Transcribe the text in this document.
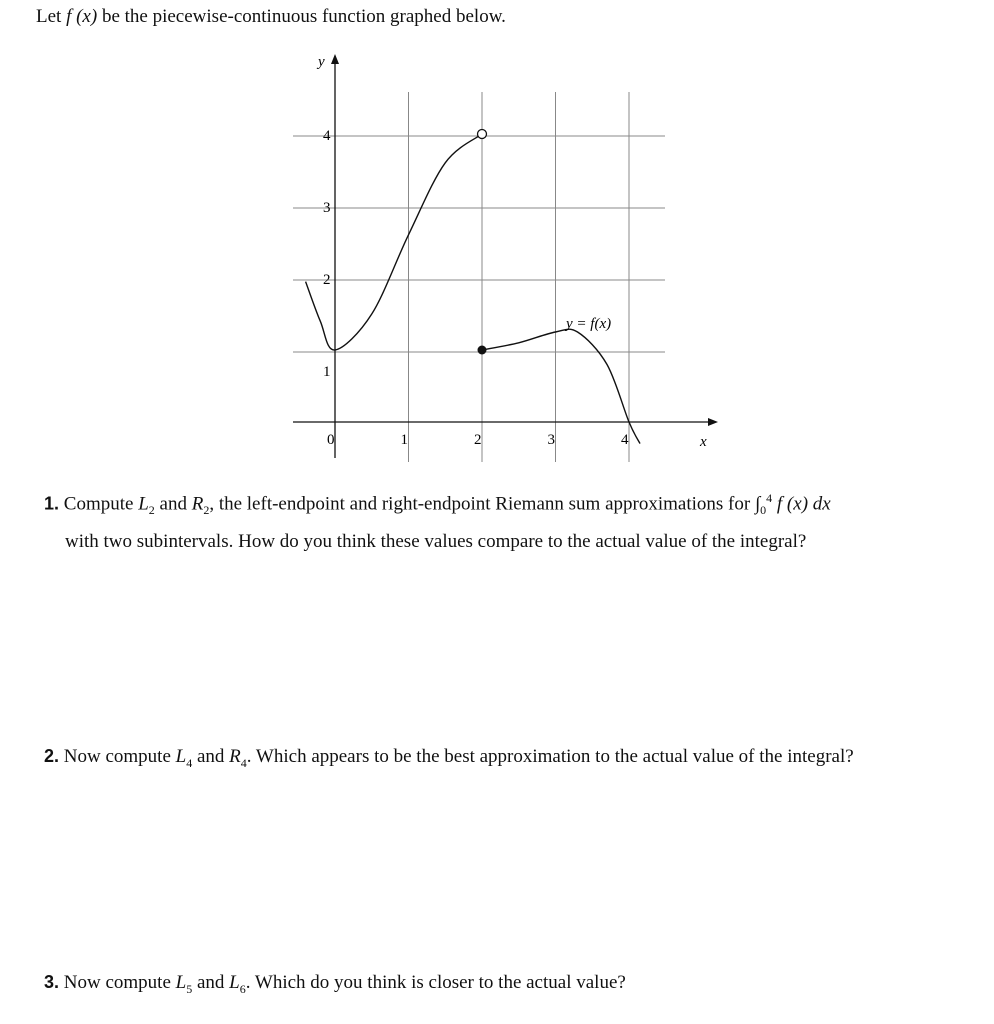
Let f (x) be the piecewise-continuous function graphed below.
0	1	2	3	4
1
2
3
4
y = f(x)
x
y
1. Compute $L_2$ and $R_2$, the left-endpoint and right-endpoint Riemann sum approximations for $\int_0^4$ f (x) dx
with two subintervals. How do you think these values compare to the actual value of the integral?
2. Now compute $L_4$ and $R_4$. Which appears to be the best approximation to the actual value of the integral?
3. Now compute $L_5$ and $L_6$. Which do you think is closer to the actual value?
